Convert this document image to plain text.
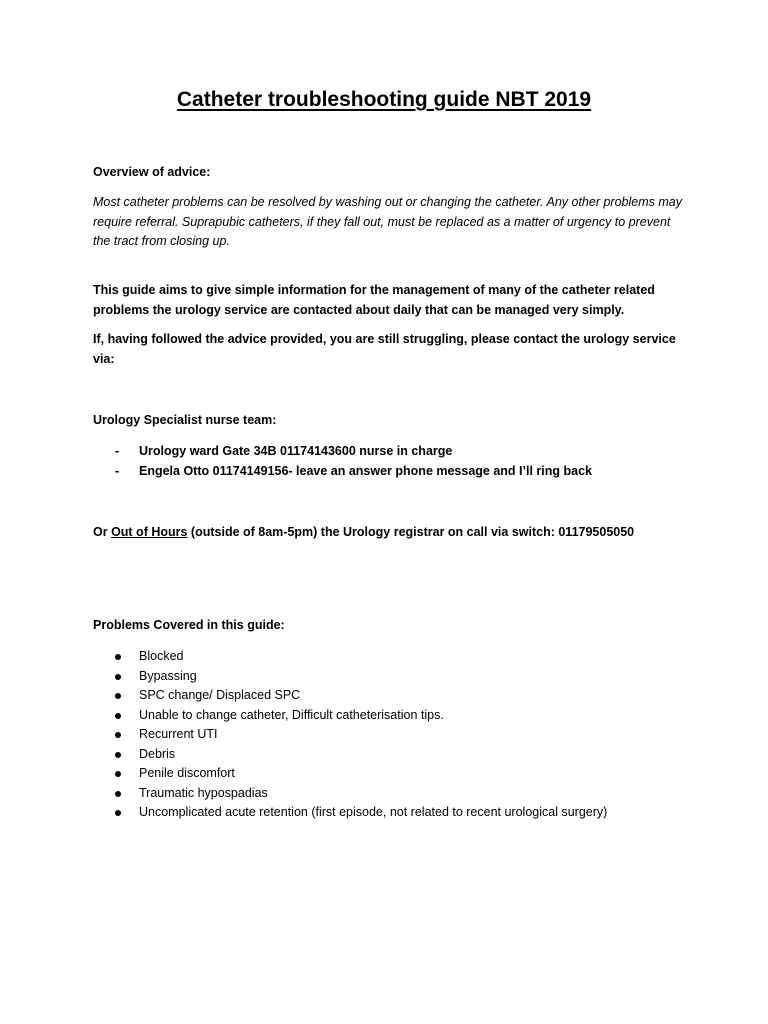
Catheter troubleshooting guide NBT 2019

Overview of advice:

Most catheter problems can be resolved by washing out or changing the catheter. Any other problems may require referral. Suprapubic catheters, if they fall out, must be replaced as a matter of urgency to prevent the tract from closing up.

This guide aims to give simple information for the management of many of the catheter related problems the urology service are contacted about daily that can be managed very simply.

If, having followed the advice provided, you are still struggling, please contact the urology service via:

Urology Specialist nurse team:

- Urology ward Gate 34B 01174143600 nurse in charge
- Engela Otto 01174149156- leave an answer phone message and I’ll ring back

Or Out of Hours (outside of 8am-5pm) the Urology registrar on call via switch: 01179505050

Problems Covered in this guide:

Blocked
Bypassing
SPC change/ Displaced SPC
Unable to change catheter, Difficult catheterisation tips.
Recurrent UTI
Debris
Penile discomfort
Traumatic hypospadias
Uncomplicated acute retention (first episode, not related to recent urological surgery)
